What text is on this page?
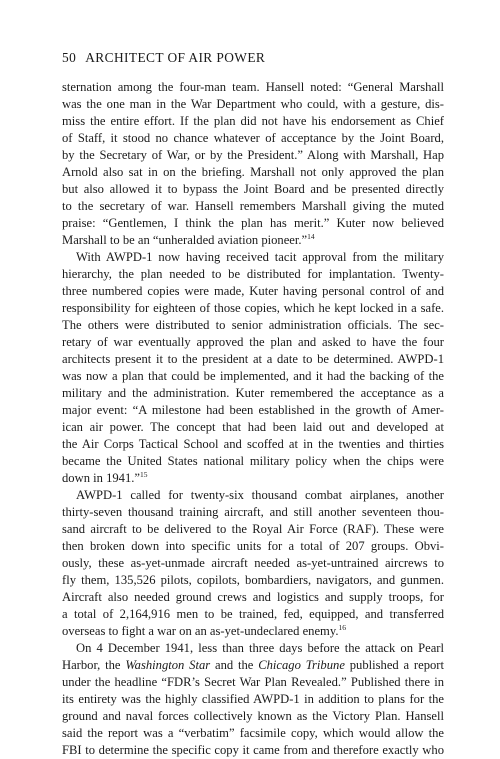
50 ARCHITECT OF AIR POWER
sternation among the four-man team. Hansell noted: “General Marshall
was the one man in the War Department who could, with a gesture, dis-
miss the entire effort. If the plan did not have his endorsement as Chief
of Staff, it stood no chance whatever of acceptance by the Joint Board,
by the Secretary of War, or by the President.” Along with Marshall, Hap
Arnold also sat in on the briefing. Marshall not only approved the plan
but also allowed it to bypass the Joint Board and be presented directly
to the secretary of war. Hansell remembers Marshall giving the muted
praise: “Gentlemen, I think the plan has merit.” Kuter now believed
Marshall to be an “unheralded aviation pioneer.”$^{14}$
With AWPD-1 now having received tacit approval from the military
hierarchy, the plan needed to be distributed for implantation. Twenty-
three numbered copies were made, Kuter having personal control of and
responsibility for eighteen of those copies, which he kept locked in a safe.
The others were distributed to senior administration officials. The sec-
retary of war eventually approved the plan and asked to have the four
architects present it to the president at a date to be determined. AWPD-1
was now a plan that could be implemented, and it had the backing of the
military and the administration. Kuter remembered the acceptance as a
major event: “A milestone had been established in the growth of Amer-
ican air power. The concept that had been laid out and developed at
the Air Corps Tactical School and scoffed at in the twenties and thirties
became the United States national military policy when the chips were
down in 1941.”$^{15}$
AWPD-1 called for twenty-six thousand combat airplanes, another
thirty-seven thousand training aircraft, and still another seventeen thou-
sand aircraft to be delivered to the Royal Air Force (RAF). These were
then broken down into specific units for a total of 207 groups. Obvi-
ously, these as-yet-unmade aircraft needed as-yet-untrained aircrews to
fly them, 135,526 pilots, copilots, bombardiers, navigators, and gunmen.
Aircraft also needed ground crews and logistics and supply troops, for
a total of 2,164,916 men to be trained, fed, equipped, and transferred
overseas to fight a war on an as-yet-undeclared enemy.$^{16}$
On 4 December 1941, less than three days before the attack on Pearl
Harbor, the Washington Star and the Chicago Tribune published a report
under the headline “FDR’s Secret War Plan Revealed.” Published there in
its entirety was the highly classified AWPD-1 in addition to plans for the
ground and naval forces collectively known as the Victory Plan. Hansell
said the report was a “verbatim” facsimile copy, which would allow the
FBI to determine the specific copy it came from and therefore exactly who
